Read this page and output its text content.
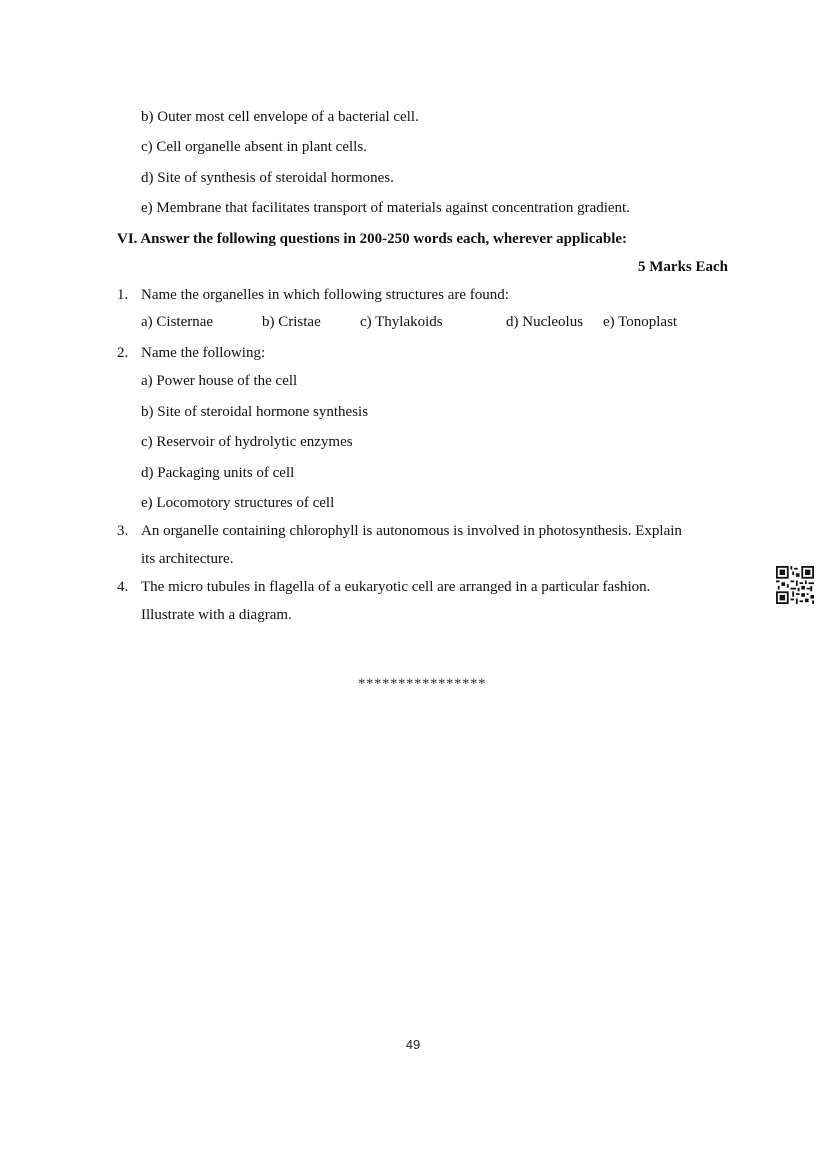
b) Outer most cell envelope of a bacterial cell.
c) Cell organelle absent in plant cells.
d) Site of synthesis of steroidal hormones.
e) Membrane that facilitates transport of materials against concentration gradient.
VI. Answer the following questions in 200-250 words each, wherever applicable:
5 Marks Each
1. Name the organelles in which following structures are found:
a) Cisternae	b) Cristae	c) Thylakoids	d) Nucleolus e) Tonoplast
2. Name the following:
a) Power house of the cell
b) Site of steroidal hormone synthesis
c) Reservoir of hydrolytic enzymes
d) Packaging units of cell
e) Locomotory structures of cell
3. An organelle containing chlorophyll is autonomous is involved in photosynthesis. Explain
its architecture.
4. The micro tubules in flagella of a eukaryotic cell are arranged in a particular fashion.
Illustrate with a diagram.
****************
49
